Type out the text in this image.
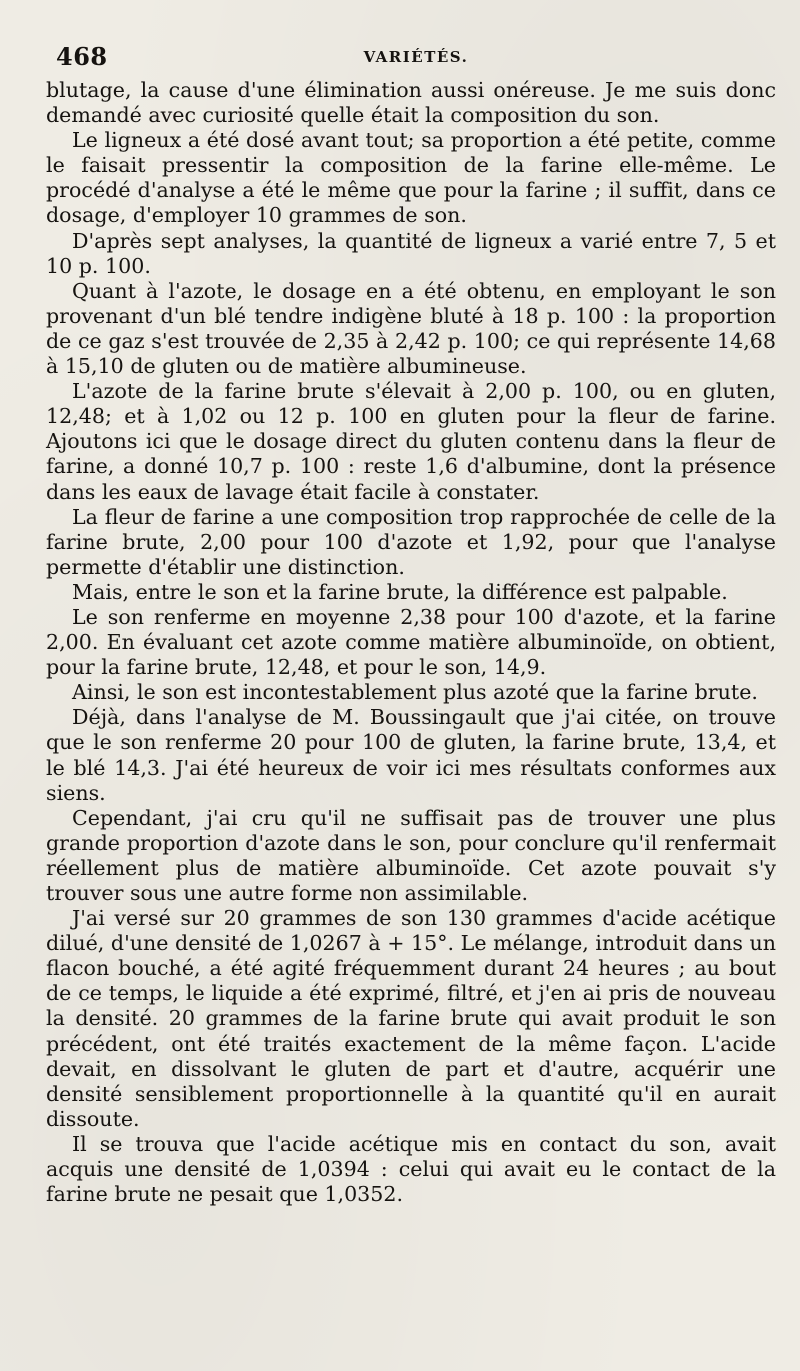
468	VARIÉTÉS.

blutage, la cause d'une élimination aussi onéreuse. Je me suis donc demandé avec curiosité quelle était la composition du son.

Le ligneux a été dosé avant tout; sa proportion a été petite, comme le faisait pressentir la composition de la farine elle-même. Le procédé d'analyse a été le même que pour la farine ; il suffit, dans ce dosage, d'employer 10 grammes de son.

D'après sept analyses, la quantité de ligneux a varié entre 7, 5 et 10 p. 100.

Quant à l'azote, le dosage en a été obtenu, en employant le son provenant d'un blé tendre indigène bluté à 18 p. 100 : la proportion de ce gaz s'est trouvée de 2,35 à 2,42 p. 100; ce qui représente 14,68 à 15,10 de gluten ou de matière albumineuse.

L'azote de la farine brute s'élevait à 2,00 p. 100, ou en gluten, 12,48; et à 1,02 ou 12 p. 100 en gluten pour la fleur de farine. Ajoutons ici que le dosage direct du gluten contenu dans la fleur de farine, a donné 10,7 p. 100 : reste 1,6 d'albumine, dont la présence dans les eaux de lavage était facile à constater.

La fleur de farine a une composition trop rapprochée de celle de la farine brute, 2,00 pour 100 d'azote et 1,92, pour que l'analyse permette d'établir une distinction.

Mais, entre le son et la farine brute, la différence est palpable.

Le son renferme en moyenne 2,38 pour 100 d'azote, et la farine 2,00. En évaluant cet azote comme matière albuminoïde, on obtient, pour la farine brute, 12,48, et pour le son, 14,9.

Ainsi, le son est incontestablement plus azoté que la farine brute.

Déjà, dans l'analyse de M. Boussingault que j'ai citée, on trouve que le son renferme 20 pour 100 de gluten, la farine brute, 13,4, et le blé 14,3. J'ai été heureux de voir ici mes résultats conformes aux siens.

Cependant, j'ai cru qu'il ne suffisait pas de trouver une plus grande proportion d'azote dans le son, pour conclure qu'il renfermait réellement plus de matière albuminoïde. Cet azote pouvait s'y trouver sous une autre forme non assimilable.

J'ai versé sur 20 grammes de son 130 grammes d'acide acétique dilué, d'une densité de 1,0267 à + 15°. Le mélange, introduit dans un flacon bouché, a été agité fréquemment durant 24 heures ; au bout de ce temps, le liquide a été exprimé, filtré, et j'en ai pris de nouveau la densité. 20 grammes de la farine brute qui avait produit le son précédent, ont été traités exactement de la même façon. L'acide devait, en dissolvant le gluten de part et d'autre, acquérir une densité sensiblement proportionnelle à la quantité qu'il en aurait dissoute.

Il se trouva que l'acide acétique mis en contact du son, avait acquis une densité de 1,0394 : celui qui avait eu le contact de la farine brute ne pesait que 1,0352.
